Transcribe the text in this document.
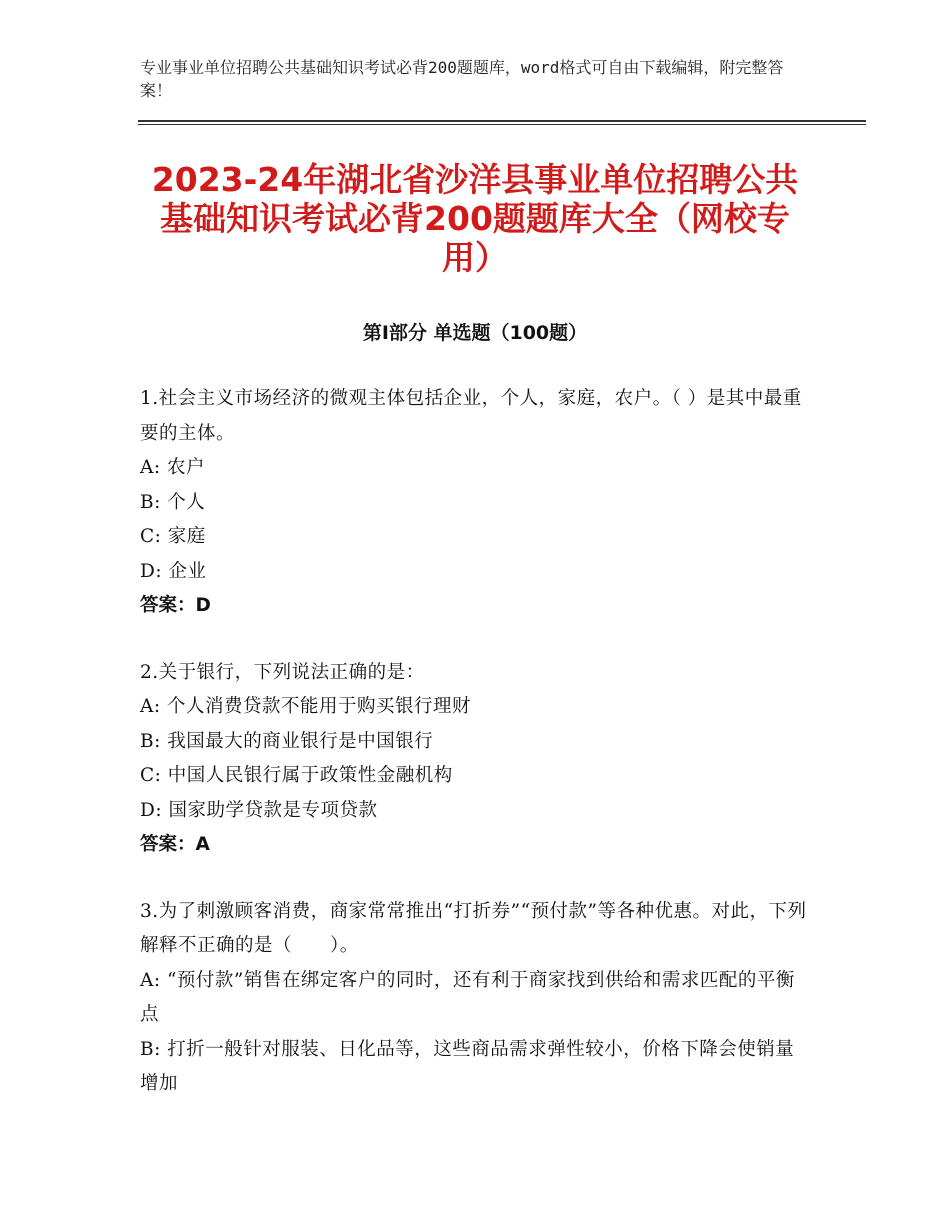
专业事业单位招聘公共基础知识考试必背200题题库，word格式可自由下载编辑，附完整答案！
2023-24年湖北省沙洋县事业单位招聘公共基础知识考试必背200题题库大全（网校专用）
第Ⅰ部分 单选题（100题）
1.社会主义市场经济的微观主体包括企业，个人，家庭，农户。（ ）是其中最重要的主体。
A: 农户
B: 个人
C: 家庭
D: 企业
答案：D
2.关于银行，下列说法正确的是：
A: 个人消费贷款不能用于购买银行理财
B: 我国最大的商业银行是中国银行
C: 中国人民银行属于政策性金融机构
D: 国家助学贷款是专项贷款
答案：A
3.为了刺激顾客消费，商家常常推出“打折券”“预付款”等各种优惠。对此，下列解释不正确的是（　　）。
A: “预付款”销售在绑定客户的同时，还有利于商家找到供给和需求匹配的平衡点
B: 打折一般针对服装、日化品等，这些商品需求弹性较小，价格下降会使销量增加
